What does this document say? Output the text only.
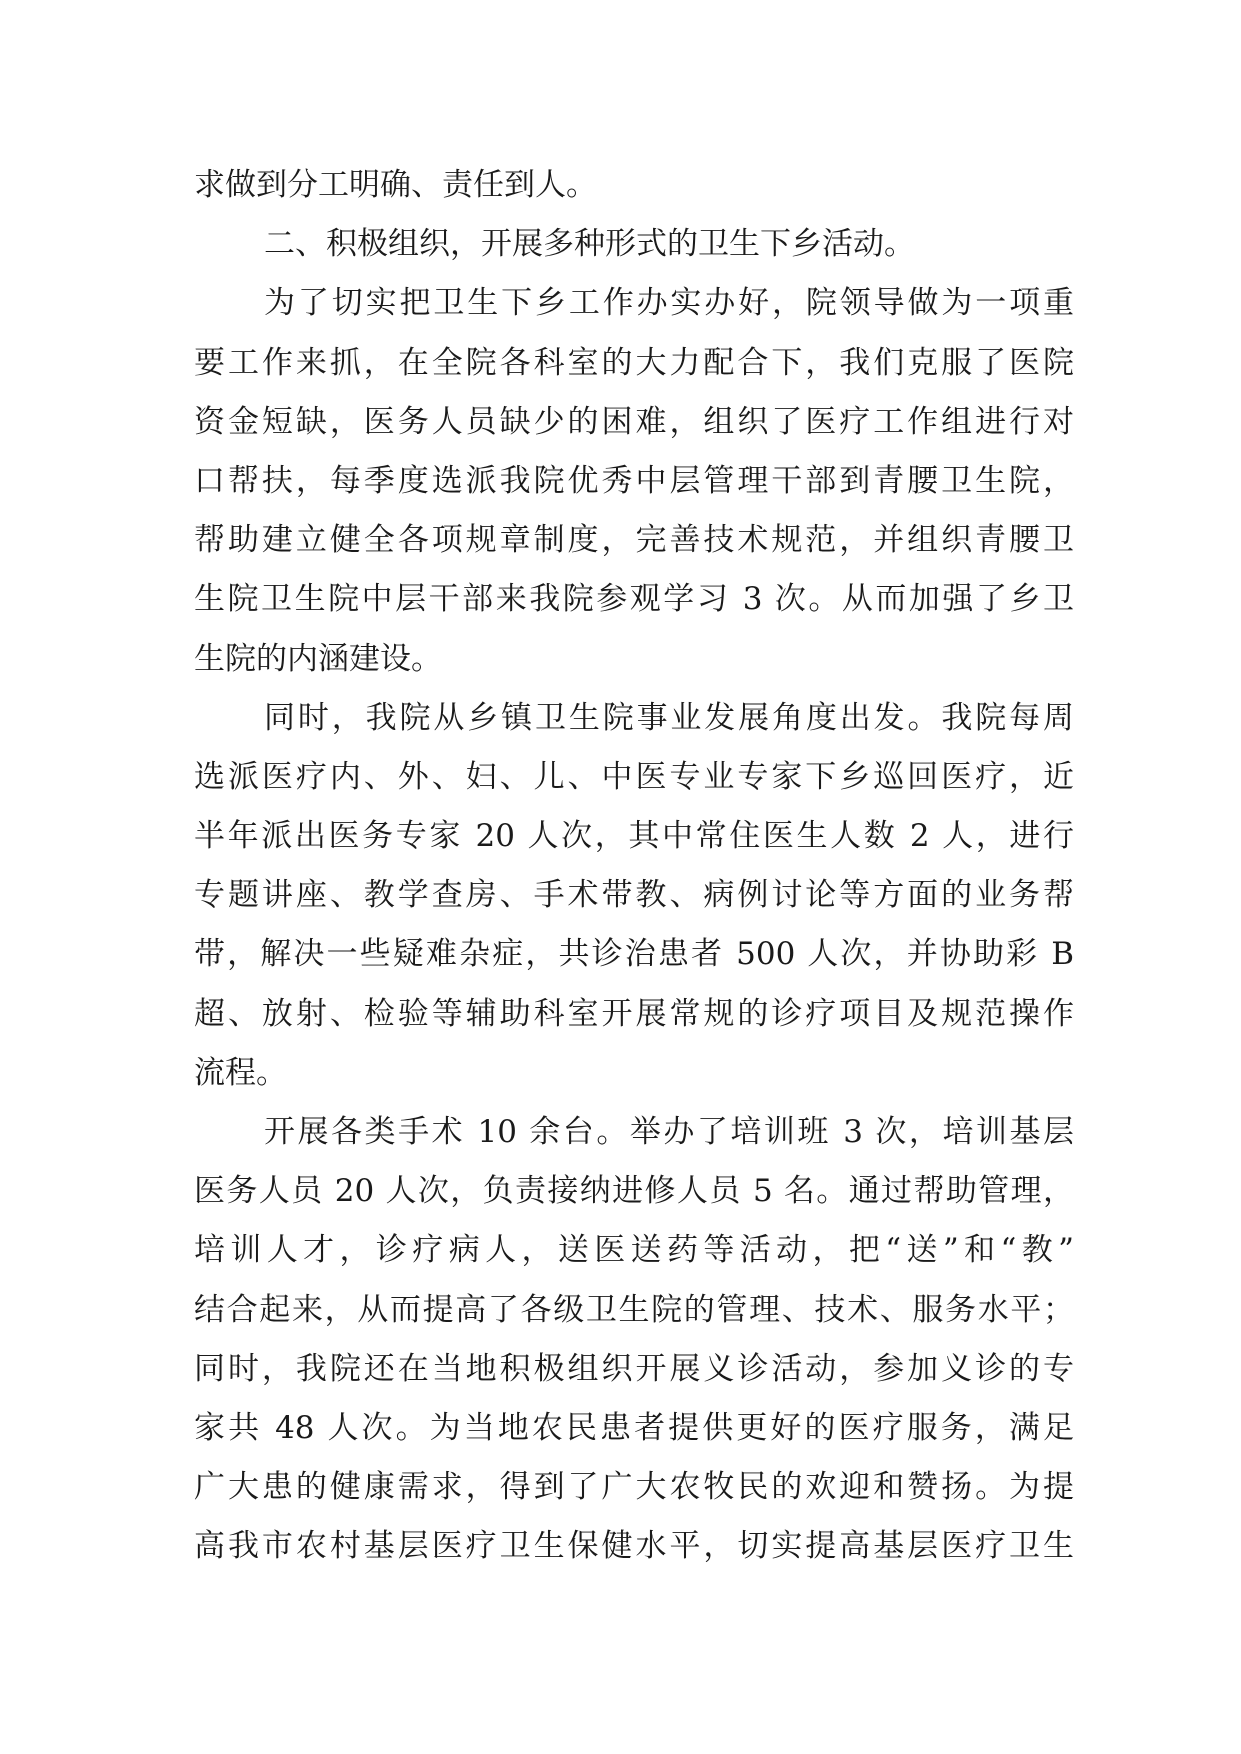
求做到分工明确、责任到人。
二、积极组织，开展多种形式的卫生下乡活动。
为了切实把卫生下乡工作办实办好，院领导做为一项重
要工作来抓，在全院各科室的大力配合下，我们克服了医院
资金短缺，医务人员缺少的困难，组织了医疗工作组进行对
口帮扶，每季度选派我院优秀中层管理干部到青腰卫生院，
帮助建立健全各项规章制度，完善技术规范，并组织青腰卫
生院卫生院中层干部来我院参观学习 3 次。从而加强了乡卫
生院的内涵建设。
同时，我院从乡镇卫生院事业发展角度出发。我院每周
选派医疗内、外、妇、儿、中医专业专家下乡巡回医疗，近
半年派出医务专家 20 人次，其中常住医生人数 2 人，进行
专题讲座、教学查房、手术带教、病例讨论等方面的业务帮
带，解决一些疑难杂症，共诊治患者 500 人次，并协助彩 B
超、放射、检验等辅助科室开展常规的诊疗项目及规范操作
流程。
开展各类手术 10 余台。举办了培训班 3 次，培训基层
医务人员 20 人次，负责接纳进修人员 5 名。通过帮助管理，
培训人才，诊疗病人，送医送药等活动，把“送”和“教”
结合起来，从而提高了各级卫生院的管理、技术、服务水平；
同时，我院还在当地积极组织开展义诊活动，参加义诊的专
家共 48 人次。为当地农民患者提供更好的医疗服务，满足
广大患的健康需求，得到了广大农牧民的欢迎和赞扬。为提
高我市农村基层医疗卫生保健水平，切实提高基层医疗卫生
